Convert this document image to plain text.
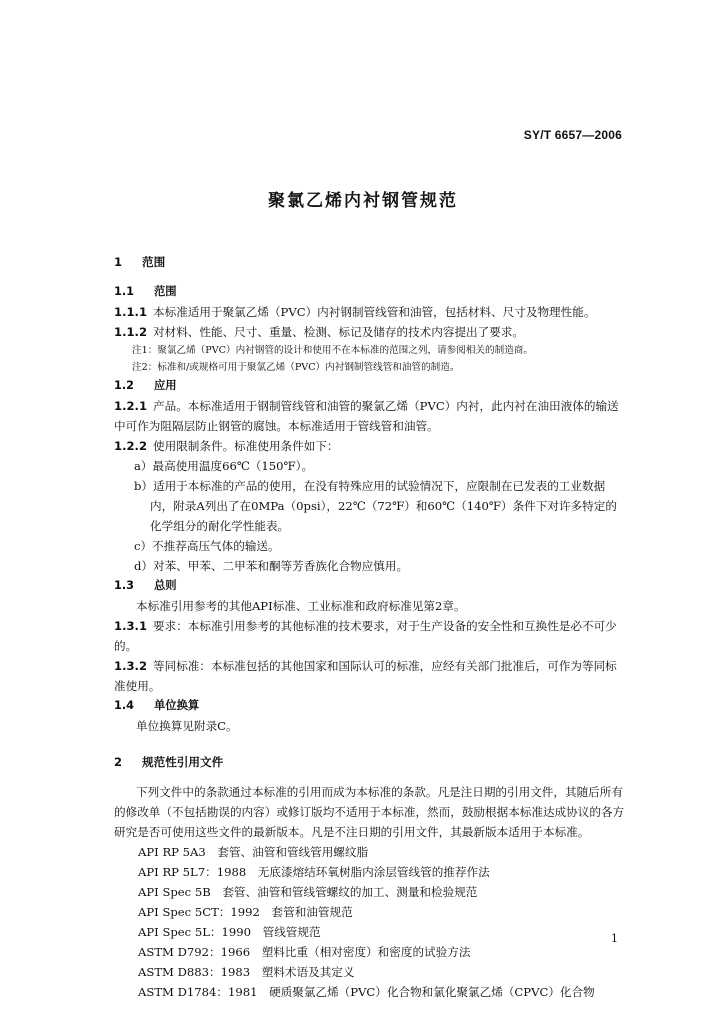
SY/T 6657—2006
聚氯乙烯内衬钢管规范
1 范围
1.1 范围
1.1.1 本标准适用于聚氯乙烯（PVC）内衬钢制管线管和油管，包括材料、尺寸及物理性能。
1.1.2 对材料、性能、尺寸、重量、检测、标记及储存的技术内容提出了要求。
注1：聚氯乙烯（PVC）内衬钢管的设计和使用不在本标准的范围之列，请参阅相关的制造商。
注2：标准和/或规格可用于聚氯乙烯（PVC）内衬钢制管线管和油管的制造。
1.2 应用
1.2.1 产品。本标准适用于钢制管线管和油管的聚氯乙烯（PVC）内衬，此内衬在油田液体的输送中可作为阻隔层防止钢管的腐蚀。本标准适用于管线管和油管。
1.2.2 使用限制条件。标准使用条件如下：
a）最高使用温度66℃（150℉）。
b）适用于本标准的产品的使用，在没有特殊应用的试验情况下，应限制在已发表的工业数据内，附录A列出了在0MPa（0psi），22℃（72℉）和60℃（140℉）条件下对许多特定的化学组分的耐化学性能表。
c）不推荐高压气体的输送。
d）对苯、甲苯、二甲苯和酮等芳香族化合物应慎用。
1.3 总则
本标准引用参考的其他API标准、工业标准和政府标准见第2章。
1.3.1 要求：本标准引用参考的其他标准的技术要求，对于生产设备的安全性和互换性是必不可少的。
1.3.2 等同标准：本标准包括的其他国家和国际认可的标准，应经有关部门批准后，可作为等同标准使用。
1.4 单位换算
单位换算见附录C。
2 规范性引用文件
下列文件中的条款通过本标准的引用而成为本标准的条款。凡是注日期的引用文件，其随后所有的修改单（不包括勘误的内容）或修订版均不适用于本标准，然而，鼓励根据本标准达成协议的各方研究是否可使用这些文件的最新版本。凡是不注日期的引用文件，其最新版本适用于本标准。
API RP 5A3　套管、油管和管线管用螺纹脂
API RP 5L7：1988　无底漆熔结环氧树脂内涂层管线管的推荐作法
API Spec 5B　套管、油管和管线管螺纹的加工、测量和检验规范
API Spec 5CT：1992　套管和油管规范
API Spec 5L：1990　管线管规范
ASTM D792：1966　塑料比重（相对密度）和密度的试验方法
ASTM D883：1983　塑料术语及其定义
ASTM D1784：1981　硬质聚氯乙烯（PVC）化合物和氯化聚氯乙烯（CPVC）化合物
1
